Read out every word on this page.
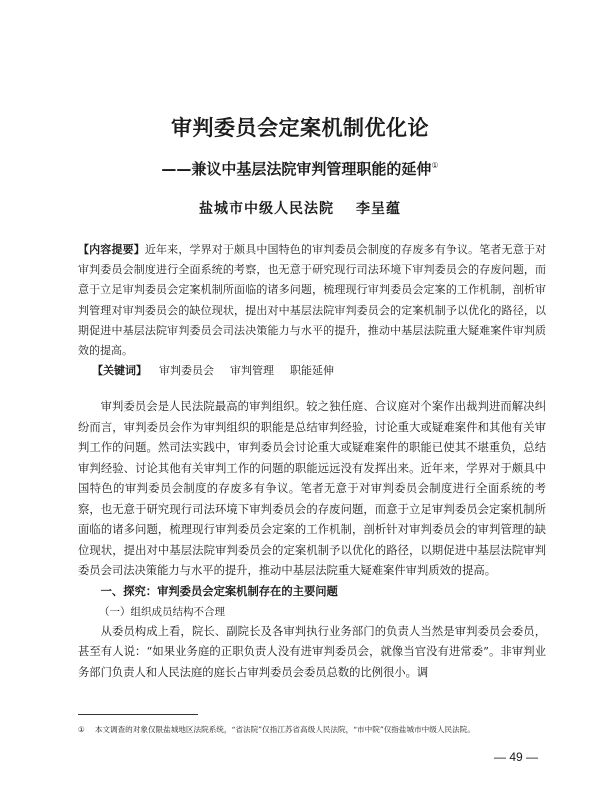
审判委员会定案机制优化论
——兼议中基层法院审判管理职能的延伸①
盐城市中级人民法院 李呈蕴
【内容提要】近年来，学界对于颇具中国特色的审判委员会制度的存废多有争议。笔者无意于对审判委员会制度进行全面系统的考察，也无意于研究现行司法环境下审判委员会的存废问题，而意于立足审判委员会定案机制所面临的诸多问题，梳理现行审判委员会定案的工作机制，剖析审判管理对审判委员会的缺位现状，提出对中基层法院审判委员会的定案机制予以优化的路径，以期促进中基层法院审判委员会司法决策能力与水平的提升，推动中基层法院重大疑难案件审判质效的提高。
【关键词】 审判委员会 审判管理 职能延伸

审判委员会是人民法院最高的审判组织。较之独任庭、合议庭对个案作出裁判进而解决纠纷而言，审判委员会作为审判组织的职能是总结审判经验，讨论重大或疑难案件和其他有关审判工作的问题。然司法实践中，审判委员会讨论重大或疑难案件的职能已使其不堪重负，总结审判经验、讨论其他有关审判工作的问题的职能远远没有发挥出来。近年来，学界对于颇具中国特色的审判委员会制度的存废多有争议。笔者无意于对审判委员会制度进行全面系统的考察，也无意于研究现行司法环境下审判委员会的存废问题，而意于立足审判委员会定案机制所面临的诸多问题，梳理现行审判委员会定案的工作机制，剖析针对审判委员会的审判管理的缺位现状，提出对中基层法院审判委员会的定案机制予以优化的路径，以期促进中基层法院审判委员会司法决策能力与水平的提升，推动中基层法院重大疑难案件审判质效的提高。

一、探究：审判委员会定案机制存在的主要问题
（一）组织成员结构不合理

从委员构成上看，院长、副院长及各审判执行业务部门的负责人当然是审判委员会委员，甚至有人说：“如果业务庭的正职负责人没有进审判委员会，就像当官没有进常委”。非审判业务部门负责人和人民法庭的庭长占审判委员会委员总数的比例很小。调

① 本文调查的对象仅限盐城地区法院系统，“省法院”仅指江苏省高级人民法院，“市中院”仅指盐城市中级人民法院。
— 49 —
